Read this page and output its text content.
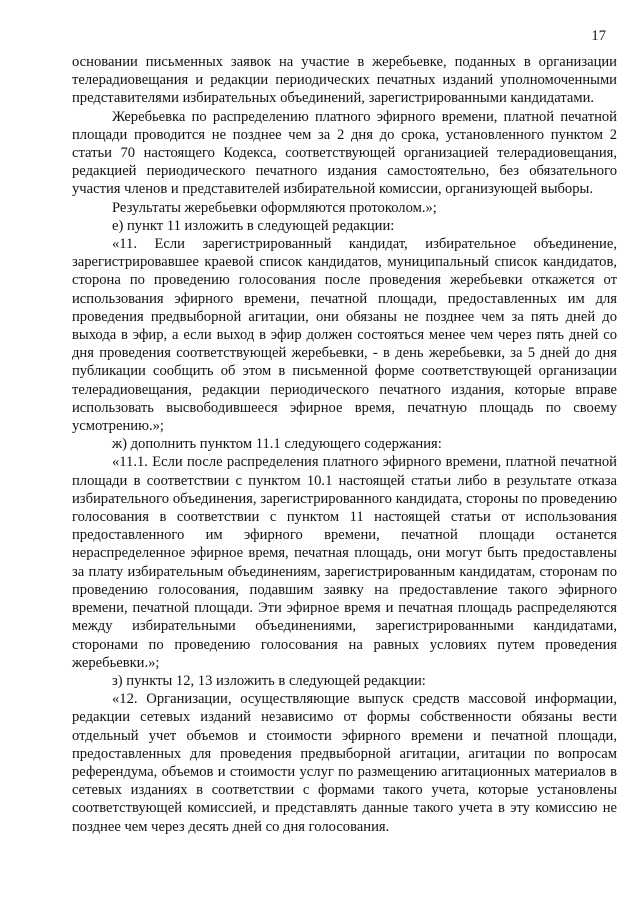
17

основании письменных заявок на участие в жеребьевке, поданных в организации телерадиовещания и редакции периодических печатных изданий уполномоченными представителями избирательных объединений, зарегистрированными кандидатами.

Жеребьевка по распределению платного эфирного времени, платной печатной площади проводится не позднее чем за 2 дня до срока, установленного пунктом 2 статьи 70 настоящего Кодекса, соответствующей организацией телерадиовещания, редакцией периодического печатного издания самостоятельно, без обязательного участия членов и представителей избирательной комиссии, организующей выборы.

Результаты жеребьевки оформляются протоколом.»;

е) пункт 11 изложить в следующей редакции:

«11. Если зарегистрированный кандидат, избирательное объединение, зарегистрировавшее краевой список кандидатов, муниципальный список кандидатов, сторона по проведению голосования после проведения жеребьевки откажется от использования эфирного времени, печатной площади, предоставленных им для проведения предвыборной агитации, они обязаны не позднее чем за пять дней до выхода в эфир, а если выход в эфир должен состояться менее чем через пять дней со дня проведения соответствующей жеребьевки, - в день жеребьевки, за 5 дней до дня публикации сообщить об этом в письменной форме соответствующей организации телерадиовещания, редакции периодического печатного издания, которые вправе использовать высвободившееся эфирное время, печатную площадь по своему усмотрению.»;

ж) дополнить пунктом 11.1 следующего содержания:

«11.1. Если после распределения платного эфирного времени, платной печатной площади в соответствии с пунктом 10.1 настоящей статьи либо в результате отказа избирательного объединения, зарегистрированного кандидата, стороны по проведению голосования в соответствии с пунктом 11 настоящей статьи от использования предоставленного им эфирного времени, печатной площади останется нераспределенное эфирное время, печатная площадь, они могут быть предоставлены за плату избирательным объединениям, зарегистрированным кандидатам, сторонам по проведению голосования, подавшим заявку на предоставление такого эфирного времени, печатной площади. Эти эфирное время и печатная площадь распределяются между избирательными объединениями, зарегистрированными кандидатами, сторонами по проведению голосования на равных условиях путем проведения жеребьевки.»;

з) пункты 12, 13 изложить в следующей редакции:

«12. Организации, осуществляющие выпуск средств массовой информации, редакции сетевых изданий независимо от формы собственности обязаны вести отдельный учет объемов и стоимости эфирного времени и печатной площади, предоставленных для проведения предвыборной агитации, агитации по вопросам референдума, объемов и стоимости услуг по размещению агитационных материалов в сетевых изданиях в соответствии с формами такого учета, которые установлены соответствующей комиссией, и представлять данные такого учета в эту комиссию не позднее чем через десять дней со дня голосования.
